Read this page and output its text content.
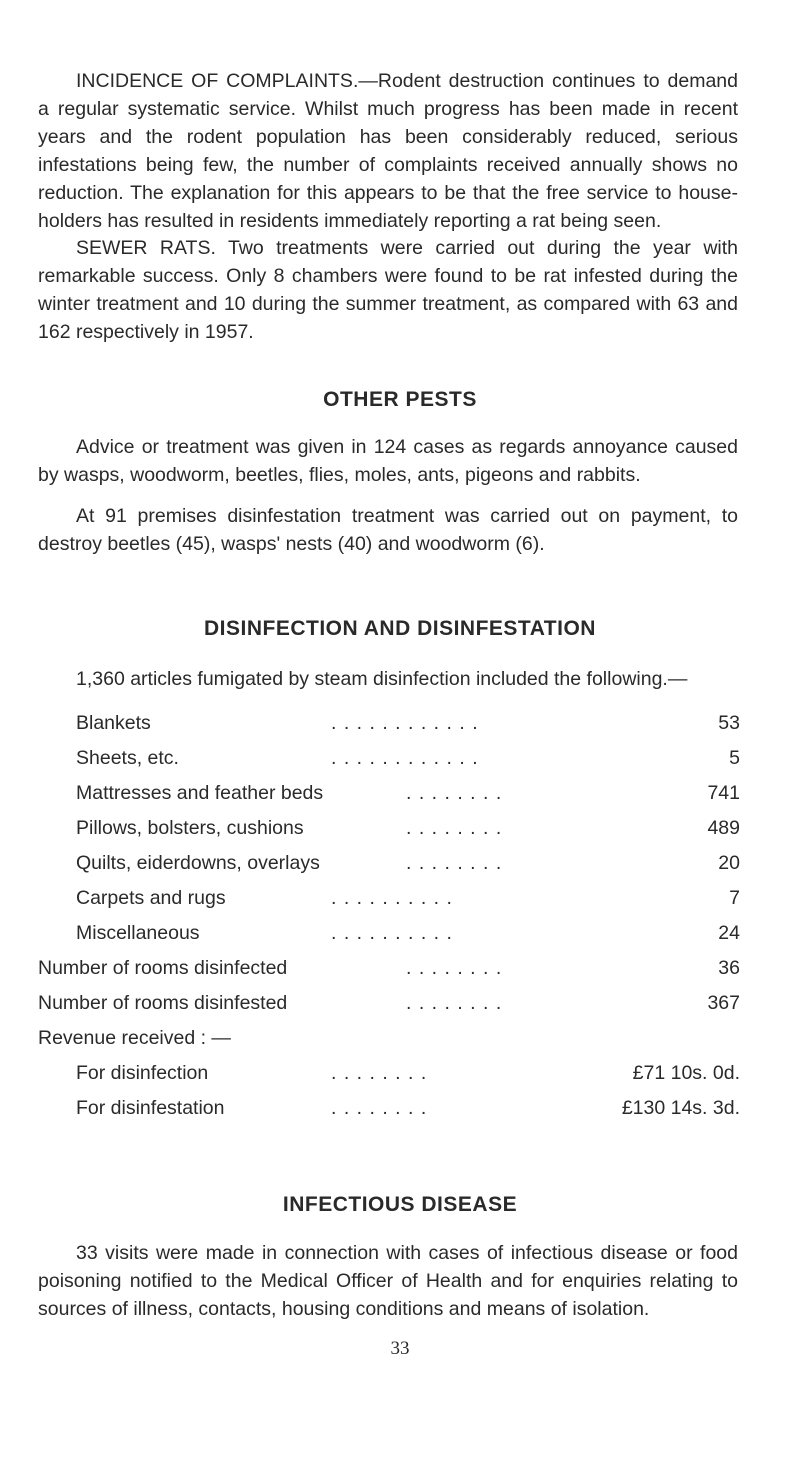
INCIDENCE OF COMPLAINTS.—Rodent destruction continues to demand a regular systematic service. Whilst much progress has been made in recent years and the rodent population has been considerably reduced, serious infestations being few, the number of complaints received annually shows no reduction. The explanation for this appears to be that the free service to house-holders has resulted in residents immediately reporting a rat being seen.

SEWER RATS. Two treatments were carried out during the year with remarkable success. Only 8 chambers were found to be rat infested during the winter treatment and 10 during the summer treatment, as compared with 63 and 162 respectively in 1957.

OTHER PESTS

Advice or treatment was given in 124 cases as regards annoyance caused by wasps, woodworm, beetles, flies, moles, ants, pigeons and rabbits.

At 91 premises disinfestation treatment was carried out on payment, to destroy beetles (45), wasps' nests (40) and woodworm (6).

DISINFECTION AND DISINFESTATION

1,360 articles fumigated by steam disinfection included the following.—

Blankets	. . . . . . . . . . . .	53
Sheets, etc.	. . . . . . . . . . . .	5
Mattresses and feather beds	. . . . . . . .	741
Pillows, bolsters, cushions	. . . . . . . .	489
Quilts, eiderdowns, overlays	. . . . . . . .	20
Carpets and rugs	. . . . . . . . . .	7
Miscellaneous	. . . . . . . . . .	24
Number of rooms disinfected	. . . . . . . .	36
Number of rooms disinfested	. . . . . . . .	367
Revenue received : —
For disinfection	. . . . . . . .	£71 10s. 0d.
For disinfestation	. . . . . . . .	£130 14s. 3d.
INFECTIOUS DISEASE

33 visits were made in connection with cases of infectious disease or food poisoning notified to the Medical Officer of Health and for enquiries relating to sources of illness, contacts, housing conditions and means of isolation.

33
